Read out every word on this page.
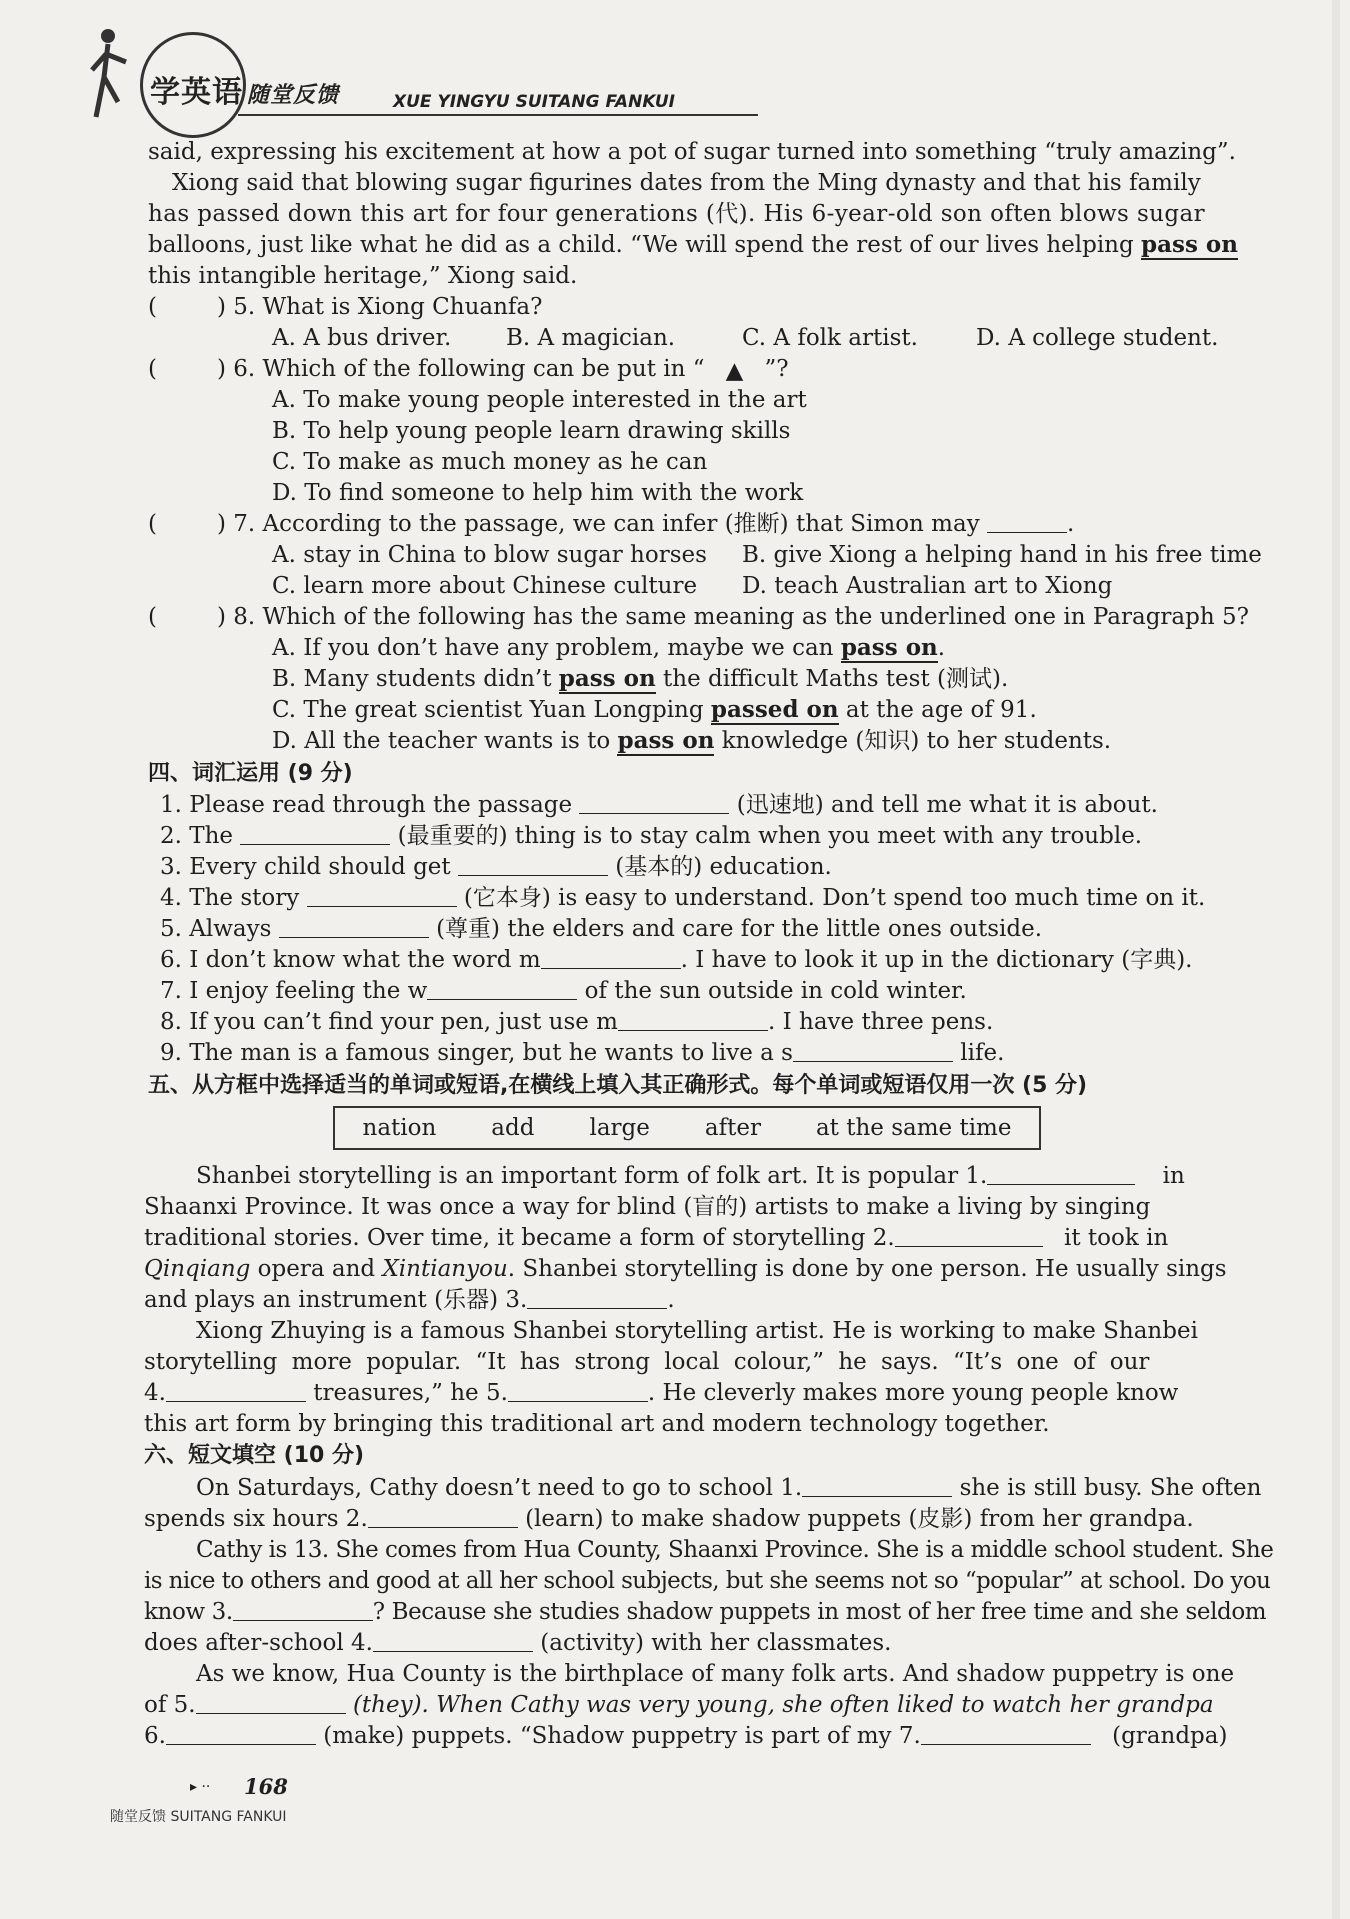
学英语 随堂反馈	XUE YINGYU SUITANG FANKUI
said, expressing his excitement at how a pot of sugar turned into something “truly amazing”.
Xiong said that blowing sugar figurines dates from the Ming dynasty and that his family
has passed down this art for four generations (代). His 6-year-old son often blows sugar
balloons, just like what he did as a child. “We will spend the rest of our lives helping pass on
this intangible heritage,” Xiong said.
(	) 5. What is Xiong Chuanfa?
A. A bus driver. B. A magician.	C. A folk artist.	D. A college student.
(	) 6. Which of the following can be put in “ ▲ ”?
A. To make young people interested in the art
B. To help young people learn drawing skills
C. To make as much money as he can
D. To find someone to help him with the work
(	) 7. According to the passage, we can infer (推断) that Simon may	.
A. stay in China to blow sugar horses B. give Xiong a helping hand in his free time
C. learn more about Chinese culture D. teach Australian art to Xiong
(	) 8. Which of the following has the same meaning as the underlined one in Paragraph 5?
A. If you don’t have any problem, maybe we can pass on.
B. Many students didn’t pass on the difficult Maths test (测试).
C. The great scientist Yuan Longping passed on at the age of 91.
D. All the teacher wants is to pass on knowledge (知识) to her students.
四、词汇运用 (9 分)
1. Please read through the passage	(迅速地) and tell me what it is about.
2. The	(最重要的) thing is to stay calm when you meet with any trouble.
3. Every child should get	(基本的) education.
4. The story	(它本身) is easy to understand. Don’t spend too much time on it.
5. Always	(尊重) the elders and care for the little ones outside.
6. I don’t know what the word m	. I have to look it up in the dictionary (字典).
7. I enjoy feeling the w	of the sun outside in cold winter.
8. If you can’t find your pen, just use m	. I have three pens.
9. The man is a famous singer, but he wants to live a s	life.
五、从方框中选择适当的单词或短语,在横线上填入其正确形式。每个单词或短语仅用一次 (5 分)
nation add large after at the same time
Shanbei storytelling is an important form of folk art. It is popular 1.	in
Shaanxi Province. It was once a way for blind (盲的) artists to make a living by singing
traditional stories. Over time, it became a form of storytelling 2.	it took in
Qinqiang opera and Xintianyou. Shanbei storytelling is done by one person. He usually sings
and plays an instrument (乐器) 3.	.
Xiong Zhuying is a famous Shanbei storytelling artist. He is working to make Shanbei
storytelling more popular. “It has strong local colour,” he says. “It’s one of our
4.	treasures,” he 5.	. He cleverly makes more young people know
this art form by bringing this traditional art and modern technology together.
六、短文填空 (10 分)
On Saturdays, Cathy doesn’t need to go to school 1.	she is still busy. She often
spends six hours 2.	(learn) to make shadow puppets (皮影) from her grandpa.
Cathy is 13. She comes from Hua County, Shaanxi Province. She is a middle school student. She
is nice to others and good at all her school subjects, but she seems not so “popular” at school. Do you
know 3.	? Because she studies shadow puppets in most of her free time and she seldom
does after-school 4.	(activity) with her classmates.
As we know, Hua County is the birthplace of many folk arts. And shadow puppetry is one
of 5.	(they). When Cathy was very young, she often liked to watch her grandpa
6.	(make) puppets. “Shadow puppetry is part of my 7.	(grandpa)
▸ ·· 168
随堂反馈 SUITANG FANKUI
